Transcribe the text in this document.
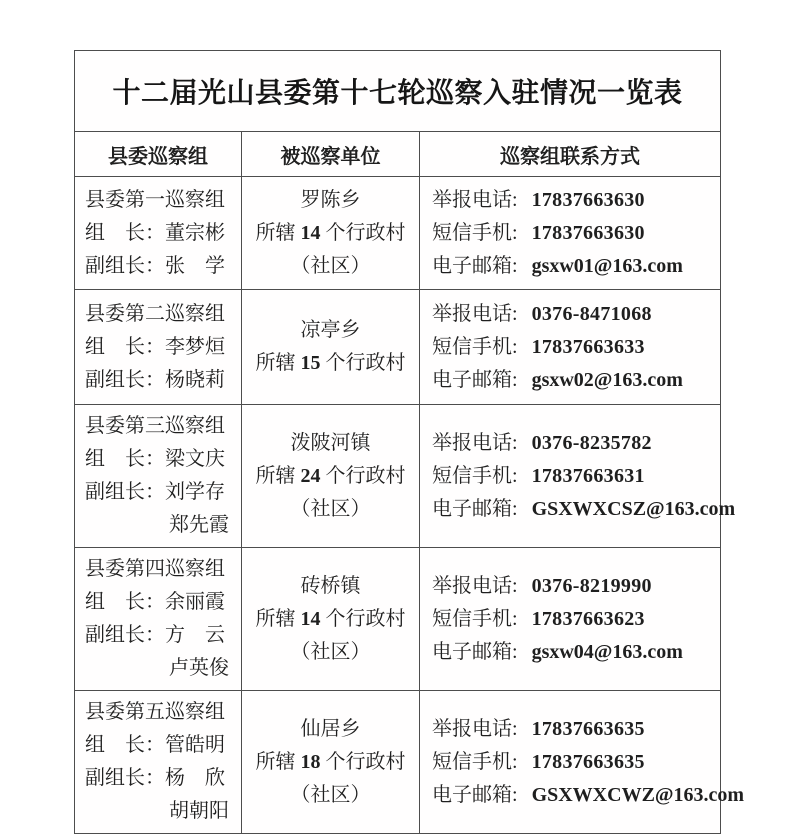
十二届光山县委第十七轮巡察入驻情况一览表
县委巡察组	被巡察单位	巡察组联系方式
县委第一巡察组
组　长：董宗彬
副组长：张　学
罗陈乡
所辖 14 个行政村
（社区）
举报电话: 17837663630
短信手机: 17837663630
电子邮箱: gsxw01@163.com
县委第二巡察组
组　长：李梦烜
副组长：杨晓莉
凉亭乡
所辖 15 个行政村
举报电话: 0376-8471068
短信手机: 17837663633
电子邮箱: gsxw02@163.com
县委第三巡察组
组　长：梁文庆
副组长：刘学存
郑先霞
泼陂河镇
所辖 24 个行政村
（社区）
举报电话: 0376-8235782
短信手机: 17837663631
电子邮箱: GSXWXCSZ@163.com
县委第四巡察组
组　长：余丽霞
副组长：方　云
卢英俊
砖桥镇
所辖 14 个行政村
（社区）
举报电话: 0376-8219990
短信手机: 17837663623
电子邮箱: gsxw04@163.com
县委第五巡察组
组　长：管皓明
副组长：杨　欣
胡朝阳
仙居乡
所辖 18 个行政村
（社区）
举报电话: 17837663635
短信手机: 17837663635
电子邮箱: GSXWXCWZ@163.com
